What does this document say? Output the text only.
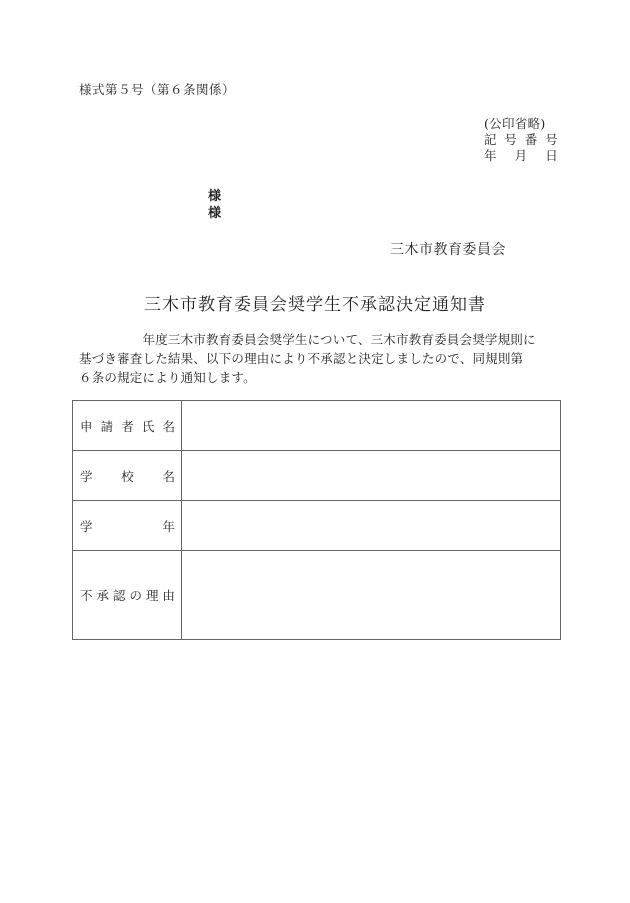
様式第５号（第６条関係）
(公印省略)
記 号 番 号
年 月 日
様
様
三木市教育委員会
三木市教育委員会奨学生不承認決定通知書

　　　　　年度三木市教育委員会奨学生について、三木市教育委員会奨学規則に

基づき審査した結果、以下の理由により不承認と決定しましたので、同規則第

６条の規定により通知します。

申 請 者 氏 名	

学 校 名	

学 年	

不 承 認 の 理 由
